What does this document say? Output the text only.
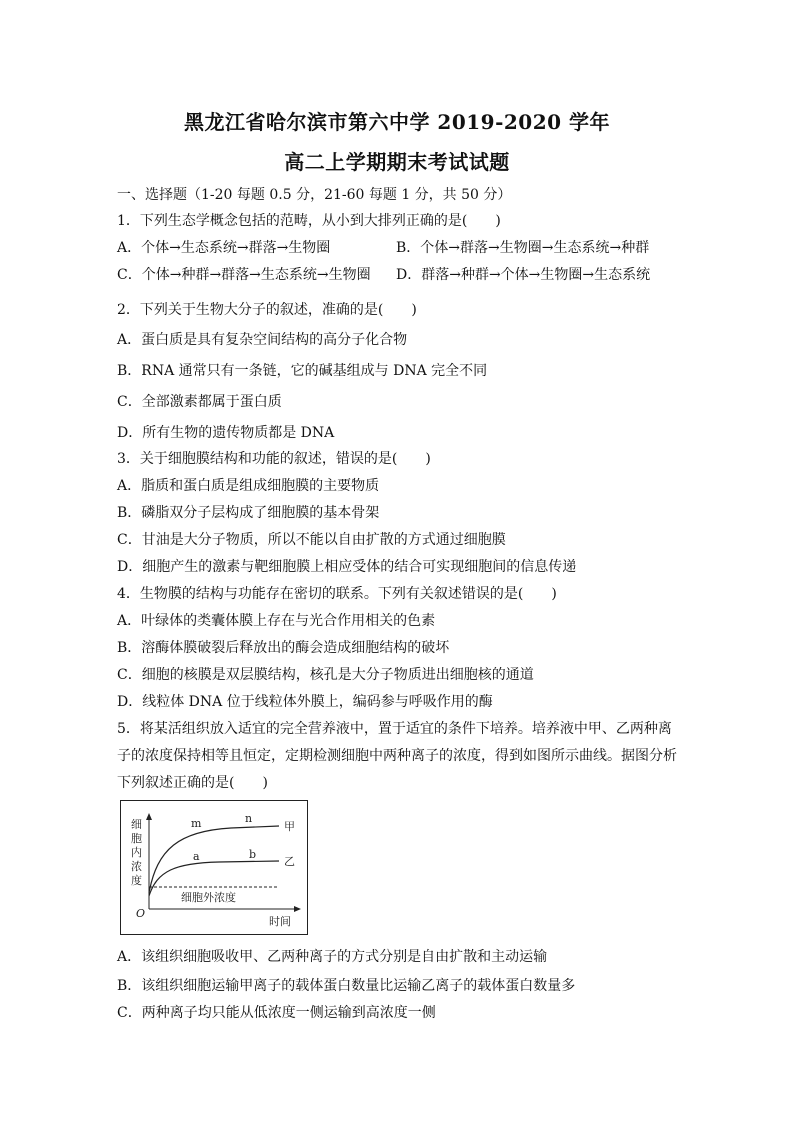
黑龙江省哈尔滨市第六中学 2019-2020 学年
高二上学期期末考试试题
一、选择题（1-20 每题 0.5 分，21-60 每题 1 分，共 50 分）
1．下列生态学概念包括的范畴，从小到大排列正确的是(　　)
A．个体→生态系统→群落→生物圈	B．个体→群落→生物圈→生态系统→种群
C．个体→种群→群落→生态系统→生物圈 D．群落→种群→个体→生物圈→生态系统
2．下列关于生物大分子的叙述，准确的是(　　)
A．蛋白质是具有复杂空间结构的高分子化合物
B．RNA 通常只有一条链，它的碱基组成与 DNA 完全不同
C．全部激素都属于蛋白质
D．所有生物的遗传物质都是 DNA
3．关于细胞膜结构和功能的叙述，错误的是(　　)
A．脂质和蛋白质是组成细胞膜的主要物质
B．磷脂双分子层构成了细胞膜的基本骨架
C．甘油是大分子物质，所以不能以自由扩散的方式通过细胞膜
D．细胞产生的激素与靶细胞膜上相应受体的结合可实现细胞间的信息传递
4．生物膜的结构与功能存在密切的联系。下列有关叙述错误的是(　　)
A．叶绿体的类囊体膜上存在与光合作用相关的色素
B．溶酶体膜破裂后释放出的酶会造成细胞结构的破坏
C．细胞的核膜是双层膜结构，核孔是大分子物质进出细胞核的通道
D．线粒体 DNA 位于线粒体外膜上，编码参与呼吸作用的酶
5．将某活组织放入适宜的完全营养液中，置于适宜的条件下培养。培养液中甲、乙两种离
子的浓度保持相等且恒定，定期检测细胞中两种离子的浓度，得到如图所示曲线。据图分析
下列叙述正确的是(　　)
细
胞
内
浓
度
O
时间
m	n
甲
a	b
乙
细胞外浓度
A．该组织细胞吸收甲、乙两种离子的方式分别是自由扩散和主动运输
B．该组织细胞运输甲离子的载体蛋白数量比运输乙离子的载体蛋白数量多
C．两种离子均只能从低浓度一侧运输到高浓度一侧
